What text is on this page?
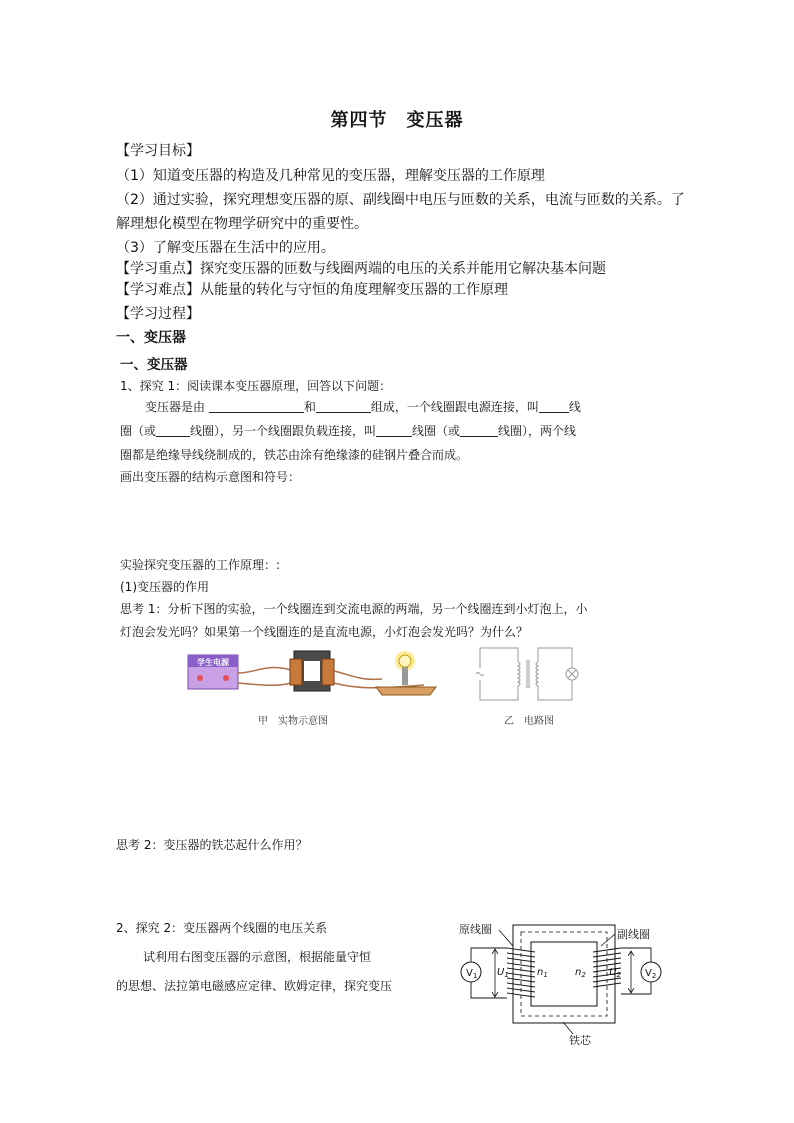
第四节　变压器
【学习目标】
（1）知道变压器的构造及几种常见的变压器，理解变压器的工作原理
（2）通过实验，探究理想变压器的原、副线圈中电压与匝数的关系，电流与匝数的关系。了
解理想化模型在物理学研究中的重要性。
（3）了解变压器在生活中的应用。
【学习重点】探究变压器的匝数与线圈两端的电压的关系并能用它解决基本问题
【学习难点】从能量的转化与守恒的角度理解变压器的工作原理
【学习过程】
一、变压器
一、变压器
1、探究 1：阅读课本变压器原理，回答以下问题：
变压器是由	和	组成，一个线圈跟电源连接，叫	线
圈（或	线圈），另一个线圈跟负载连接，叫	线圈（或	线圈），两个线
圈都是绝缘导线绕制成的，铁芯由涂有绝缘漆的硅钢片叠合而成。
画出变压器的结构示意图和符号：
实验探究变压器的工作原理：:
(1)变压器的作用
思考 1：分析下图的实验，一个线圈连到交流电源的两端，另一个线圈连到小灯泡上，小
灯泡会发光吗？如果第一个线圈连的是直流电源，小灯泡会发光吗？为什么？
学生电源
甲　实物示意图	乙　电路图
思考 2：变压器的铁芯起什么作用？
2、探究 2：变压器两个线圈的电压关系
试利用右图变压器的示意图，根据能量守恒
的思想、法拉第电磁感应定律、欧姆定律，探究变压
原线圈	副线圈
铁芯
$V_1$ $U_1$	$V_2$
$U_2$
$n_1$	$n_2$
